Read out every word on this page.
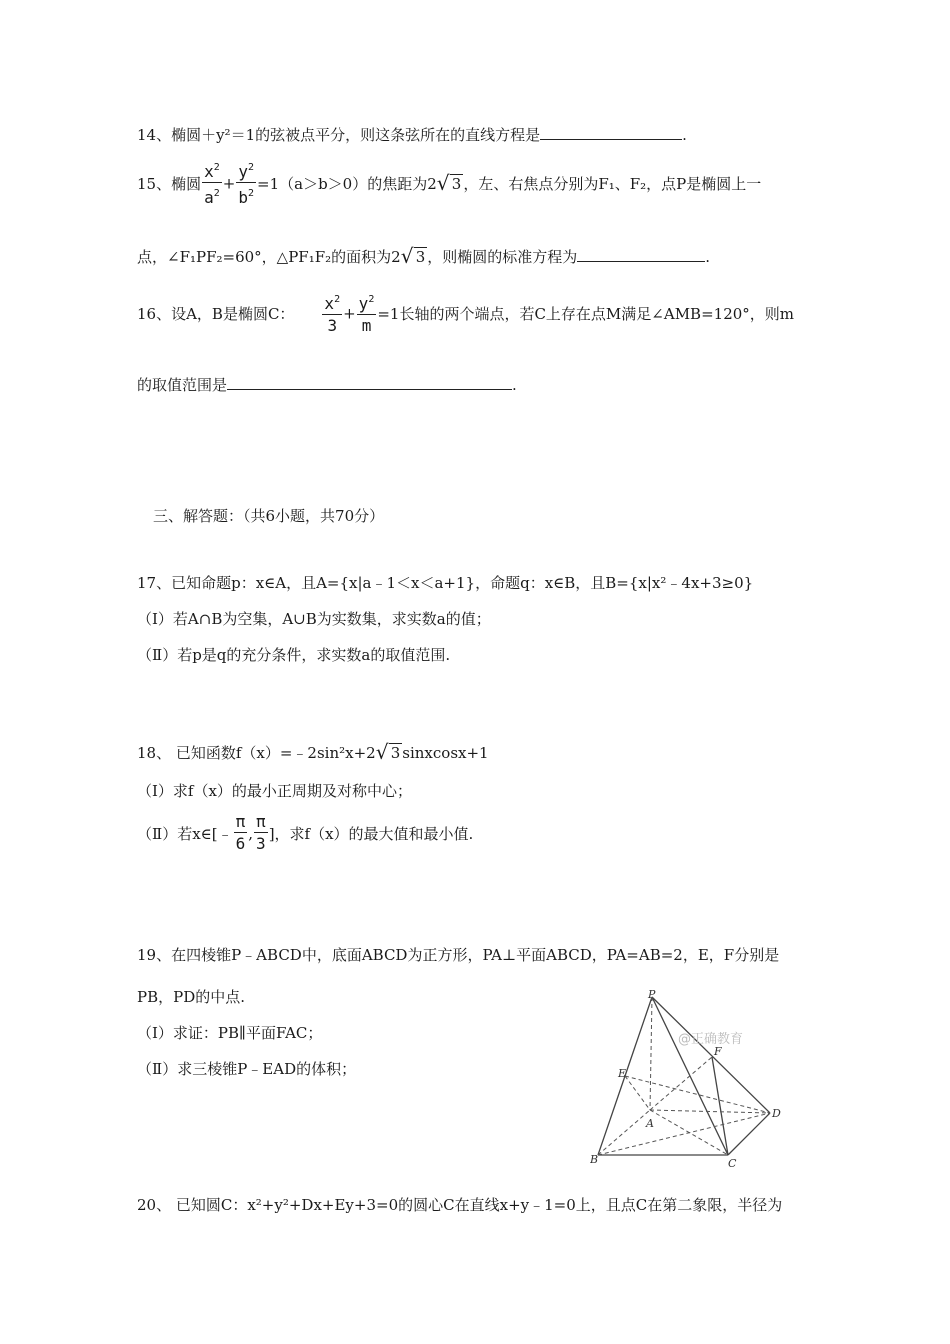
14、椭圆＋y²＝1的弦被点平分，则这条弦所在的直线方程是	.
15、椭圆 $\frac{x^2}{a^2} + \frac{y^2}{b^2} =1(a>b>0)$的焦距为2 √ 3 ，左、右焦点分别为F₁、F₂，点P是椭圆上一
点，∠F₁PF₂=60°，△PF₁F₂的面积为2 √ 3 ，则椭圆的标准方程为	.
16、设A，B是椭圆C： $\frac{x^2}{3} + \frac{y^2}{m} =1$长轴的两个端点，若C上存在点M满足∠AMB=120°，则m
的取值范围是	.
三、解答题：（共6小题，共70分）
17、已知命题p：x∈A，且A={x|a﹣1＜x＜a+1}，命题q：x∈B，且B={x|x²﹣4x+3≥0}
（Ⅰ）若A∩B为空集，A∪B为实数集，求实数a的值；
（Ⅱ）若p是q的充分条件，求实数a的取值范围.
18、 已知函数f（x）=﹣2sin²x+2 √ 3 sinxcosx+1
（Ⅰ）求f（x）的最小正周期及对称中心；
（Ⅱ）若x∈[﹣ $\frac{\pi}{6}$ , $\frac{\pi}{3}$ ]，求f（x）的最大值和最小值.
19、在四棱锥P﹣ABCD中，底面ABCD为正方形，PA⊥平面ABCD，PA=AB=2，E，F分别是
PB，PD的中点.
（Ⅰ）求证：PB∥平面FAC；
（Ⅱ）求三棱锥P﹣EAD的体积；
@正确教育
P
F
E
D
A
B	C
20、 已知圆C：x²+y²+Dx+Ey+3=0的圆心C在直线x+y﹣1=0上，且点C在第二象限，半径为
